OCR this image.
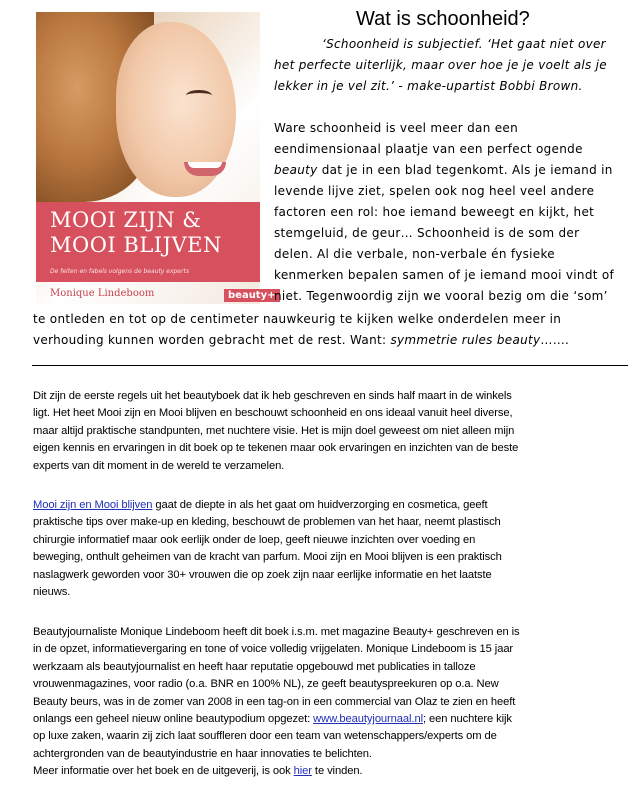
MOOI ZIJN &
MOOI BLIJVEN
De feiten en fabels volgens de beauty experts
Monique Lindeboom	beauty+
Wat is schoonheid?
‘Schoonheid is subjectief. ‘Het gaat niet over
het perfecte uiterlijk, maar over hoe je je voelt als je
lekker in je vel zit.’ - make-upartist Bobbi Brown.
Ware schoonheid is veel meer dan een
eendimensionaal plaatje van een perfect ogende
beauty dat je in een blad tegenkomt. Als je iemand in
levende lijve ziet, spelen ook nog heel veel andere
factoren een rol: hoe iemand beweegt en kijkt, het
stemgeluid, de geur… Schoonheid is de som der
delen. Al die verbale, non-verbale én fysieke
kenmerken bepalen samen of je iemand mooi vindt of
niet. Tegenwoordig zijn we vooral bezig om die ‘som’
te ontleden en tot op de centimeter nauwkeurig te kijken welke onderdelen meer in
verhouding kunnen worden gebracht met de rest. Want: symmetrie rules beauty…….
Dit zijn de eerste regels uit het beautyboek dat ik heb geschreven en sinds half maart in de winkels
ligt. Het heet Mooi zijn en Mooi blijven en beschouwt schoonheid en ons ideaal vanuit heel diverse,
maar altijd praktische standpunten, met nuchtere visie. Het is mijn doel geweest om niet alleen mijn
eigen kennis en ervaringen in dit boek op te tekenen maar ook ervaringen en inzichten van de beste
experts van dit moment in de wereld te verzamelen.
Mooi zijn en Mooi blijven gaat de diepte in als het gaat om huidverzorging en cosmetica, geeft
praktische tips over make-up en kleding, beschouwt de problemen van het haar, neemt plastisch
chirurgie informatief maar ook eerlijk onder de loep, geeft nieuwe inzichten over voeding en
beweging, onthult geheimen van de kracht van parfum. Mooi zijn en Mooi blijven is een praktisch
naslagwerk geworden voor 30+ vrouwen die op zoek zijn naar eerlijke informatie en het laatste
nieuws.
Beautyjournaliste Monique Lindeboom heeft dit boek i.s.m. met magazine Beauty+ geschreven en is
in de opzet, informatievergaring en tone of voice volledig vrijgelaten. Monique Lindeboom is 15 jaar
werkzaam als beautyjournalist en heeft haar reputatie opgebouwd met publicaties in talloze
vrouwenmagazines, voor radio (o.a. BNR en 100% NL), ze geeft beautyspreekuren op o.a. New
Beauty beurs, was in de zomer van 2008 in een tag-on in een commercial van Olaz te zien en heeft
onlangs een geheel nieuw online beautypodium opgezet: www.beautyjournaal.nl; een nuchtere kijk
op luxe zaken, waarin zij zich laat souffleren door een team van wetenschappers/experts om de
achtergronden van de beautyindustrie en haar innovaties te belichten.
Meer informatie over het boek en de uitgeverij, is ook hier te vinden.
